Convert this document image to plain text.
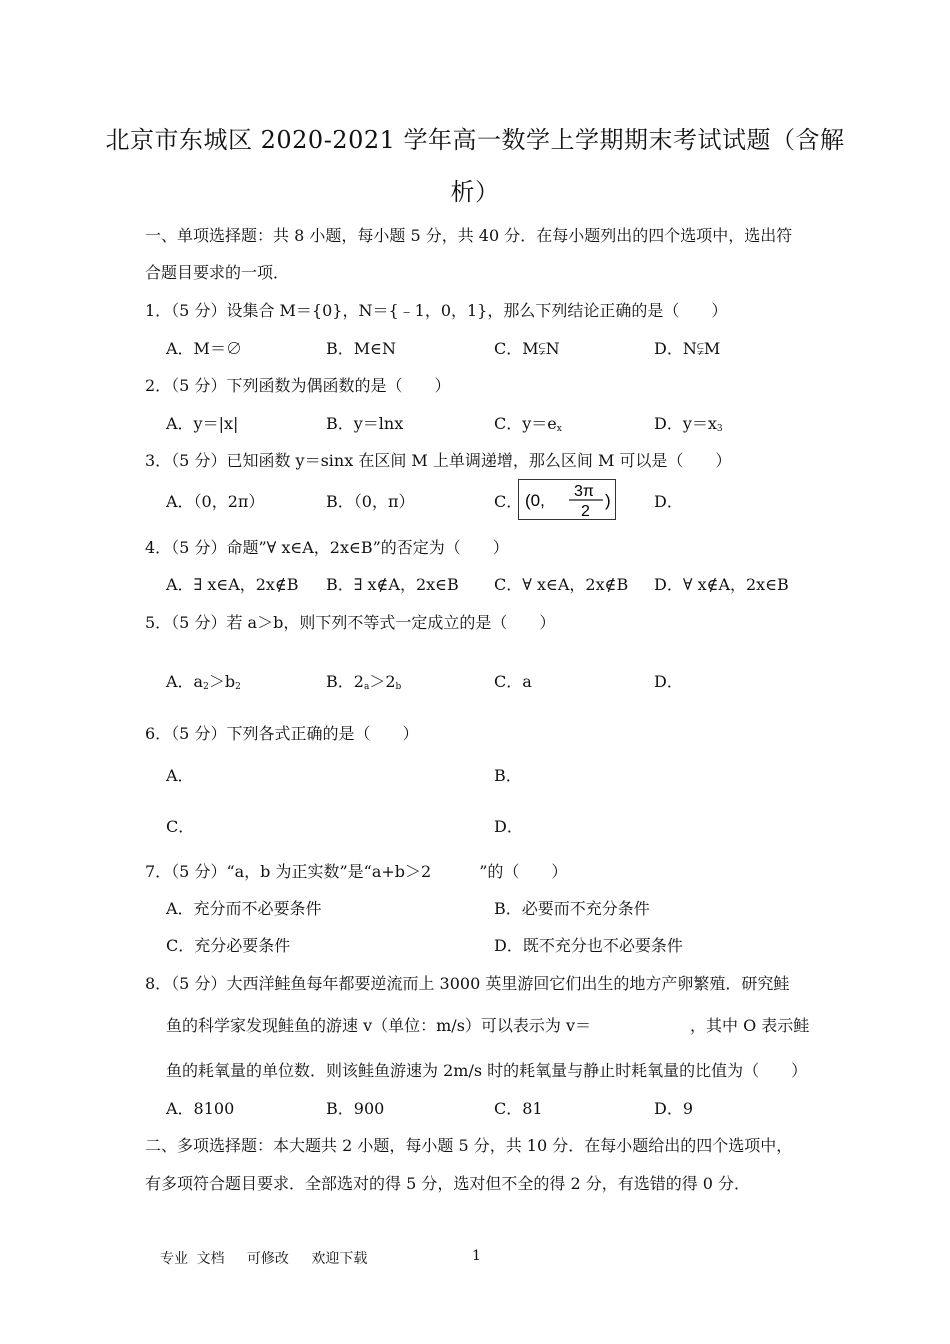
北京市东城区 2020-2021 学年高一数学上学期期末考试试题（含解
析）
一、单项选择题：共 8 小题，每小题 5 分，共 40 分．在每小题列出的四个选项中，选出符
合题目要求的一项．
1．（5 分）设集合 M＝{0}，N＝{﹣1，0，1}，那么下列结论正确的是（　　）
A．M＝∅	B．M∈N	C．M⫋N	D．N⫋M
2．（5 分）下列函数为偶函数的是（　　）
A．y＝|x|	B．y＝lnx	C．y＝ex	D．y＝x3
3．（5 分）已知函数 y＝sinx 在区间 M 上单调递增，那么区间 M 可以是（　　）
A．（0，2π）	B．（0，π）	C． (0, 3π
2
)	D．
4．（5 分）命题”∀ x∈A，2x∈B”的否定为（　　）
A．∃ x∈A，2x∉B B．∃ x∉A，2x∈B C．∀ x∈A，2x∉B D．∀ x∉A，2x∈B
5．（5 分）若 a＞b，则下列不等式一定成立的是（　　）
A．a2＞b2	B．2a＞2b	C．a	D．
6．（5 分）下列各式正确的是（　　）
A．	B．
C．	D．
7．（5 分）“a，b 为正实数”是“a+b＞2　　　”的（　　）
A．充分而不必要条件	B．必要而不充分条件
C．充分必要条件	D．既不充分也不必要条件
8．（5 分）大西洋鲑鱼每年都要逆流而上 3000 英里游回它们出生的地方产卵繁殖．研究鲑
鱼的科学家发现鲑鱼的游速 v（单位：m/s）可以表示为 v＝	，其中 O 表示鲑
鱼的耗氧量的单位数．则该鲑鱼游速为 2m/s 时的耗氧量与静止时耗氧量的比值为（　　）
A．8100	B．900	C．81	D．9
二、多项选择题：本大题共 2 小题，每小题 5 分，共 10 分．在每小题给出的四个选项中，
有多项符合题目要求．全部选对的得 5 分，选对但不全的得 2 分，有选错的得 0 分．
专业 文档　 可修改　 欢迎下载	1
